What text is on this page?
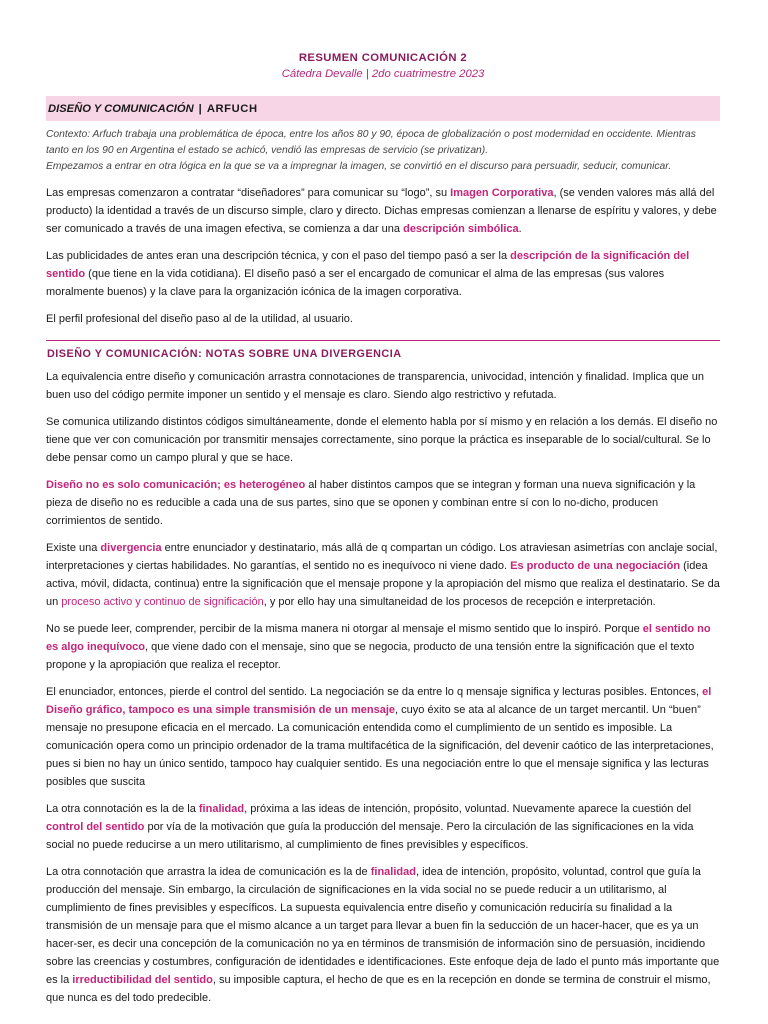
RESUMEN COMUNICACIÓN 2

Cátedra Devalle | 2do cuatrimestre 2023

DISEÑO Y COMUNICACIÓN | ARFUCH

Contexto: Arfuch trabaja una problemática de época, entre los años 80 y 90, época de globalización o post modernidad en occidente. Mientras tanto en los 90 en Argentina el estado se achicó, vendió las empresas de servicio (se privatizan).
Empezamos a entrar en otra lógica en la que se va a impregnar la imagen, se convirtió en el discurso para persuadir, seducir, comunicar.

Las empresas comenzaron a contratar “diseñadores” para comunicar su “logo”, su Imagen Corporativa, (se venden valores más allá del producto) la identidad a través de un discurso simple, claro y directo. Dichas empresas comienzan a llenarse de espíritu y valores, y debe ser comunicado a través de una imagen efectiva, se comienza a dar una descripción simbólica.

Las publicidades de antes eran una descripción técnica, y con el paso del tiempo pasó a ser la descripción de la significación del sentido (que tiene en la vida cotidiana). El diseño pasó a ser el encargado de comunicar el alma de las empresas (sus valores moralmente buenos) y la clave para la organización icónica de la imagen corporativa.

El perfil profesional del diseño paso al de la utilidad, al usuario.

DISEÑO Y COMUNICACIÓN: NOTAS SOBRE UNA DIVERGENCIA

La equivalencia entre diseño y comunicación arrastra connotaciones de transparencia, univocidad, intención y finalidad. Implica que un buen uso del código permite imponer un sentido y el mensaje es claro. Siendo algo restrictivo y refutada.

Se comunica utilizando distintos códigos simultáneamente, donde el elemento habla por sí mismo y en relación a los demás. El diseño no tiene que ver con comunicación por transmitir mensajes correctamente, sino porque la práctica es inseparable de lo social/cultural. Se lo debe pensar como un campo plural y que se hace.

Diseño no es solo comunicación; es heterogéneo al haber distintos campos que se integran y forman una nueva significación y la pieza de diseño no es reducible a cada una de sus partes, sino que se oponen y combinan entre sí con lo no-dicho, producen corrimientos de sentido.

Existe una divergencia entre enunciador y destinatario, más allá de q compartan un código. Los atraviesan asimetrías con anclaje social, interpretaciones y ciertas habilidades. No garantías, el sentido no es inequívoco ni viene dado. Es producto de una negociación (idea activa, móvil, didacta, continua) entre la significación que el mensaje propone y la apropiación del mismo que realiza el destinatario. Se da un proceso activo y continuo de significación, y por ello hay una simultaneidad de los procesos de recepción e interpretación.

No se puede leer, comprender, percibir de la misma manera ni otorgar al mensaje el mismo sentido que lo inspiró. Porque el sentido no es algo inequívoco, que viene dado con el mensaje, sino que se negocia, producto de una tensión entre la significación que el texto propone y la apropiación que realiza el receptor.

El enunciador, entonces, pierde el control del sentido. La negociación se da entre lo q mensaje significa y lecturas posibles. Entonces, el Diseño gráfico, tampoco es una simple transmisión de un mensaje, cuyo éxito se ata al alcance de un target mercantil. Un “buen” mensaje no presupone eficacia en el mercado. La comunicación entendida como el cumplimiento de un sentido es imposible. La comunicación opera como un principio ordenador de la trama multifacética de la significación, del devenir caótico de las interpretaciones, pues si bien no hay un único sentido, tampoco hay cualquier sentido. Es una negociación entre lo que el mensaje significa y las lecturas posibles que suscita

La otra connotación es la de la finalidad, próxima a las ideas de intención, propósito, voluntad. Nuevamente aparece la cuestión del control del sentido por vía de la motivación que guía la producción del mensaje. Pero la circulación de las significaciones en la vida social no puede reducirse a un mero utilitarismo, al cumplimiento de fines previsibles y específicos.

La otra connotación que arrastra la idea de comunicación es la de finalidad, idea de intención, propósito, voluntad, control que guía la producción del mensaje. Sin embargo, la circulación de significaciones en la vida social no se puede reducir a un utilitarismo, al cumplimiento de fines previsibles y específicos. La supuesta equivalencia entre diseño y comunicación reduciría su finalidad a la transmisión de un mensaje para que el mismo alcance a un target para llevar a buen fin la seducción de un hacer-hacer, que es ya un hacer-ser, es decir una concepción de la comunicación no ya en términos de transmisión de información sino de persuasión, incidiendo sobre las creencias y costumbres, configuración de identidades e identificaciones. Este enfoque deja de lado el punto más importante que es la irreductibilidad del sentido, su imposible captura, el hecho de que es en la recepción en donde se termina de construir el mismo, que nunca es del todo predecible.
